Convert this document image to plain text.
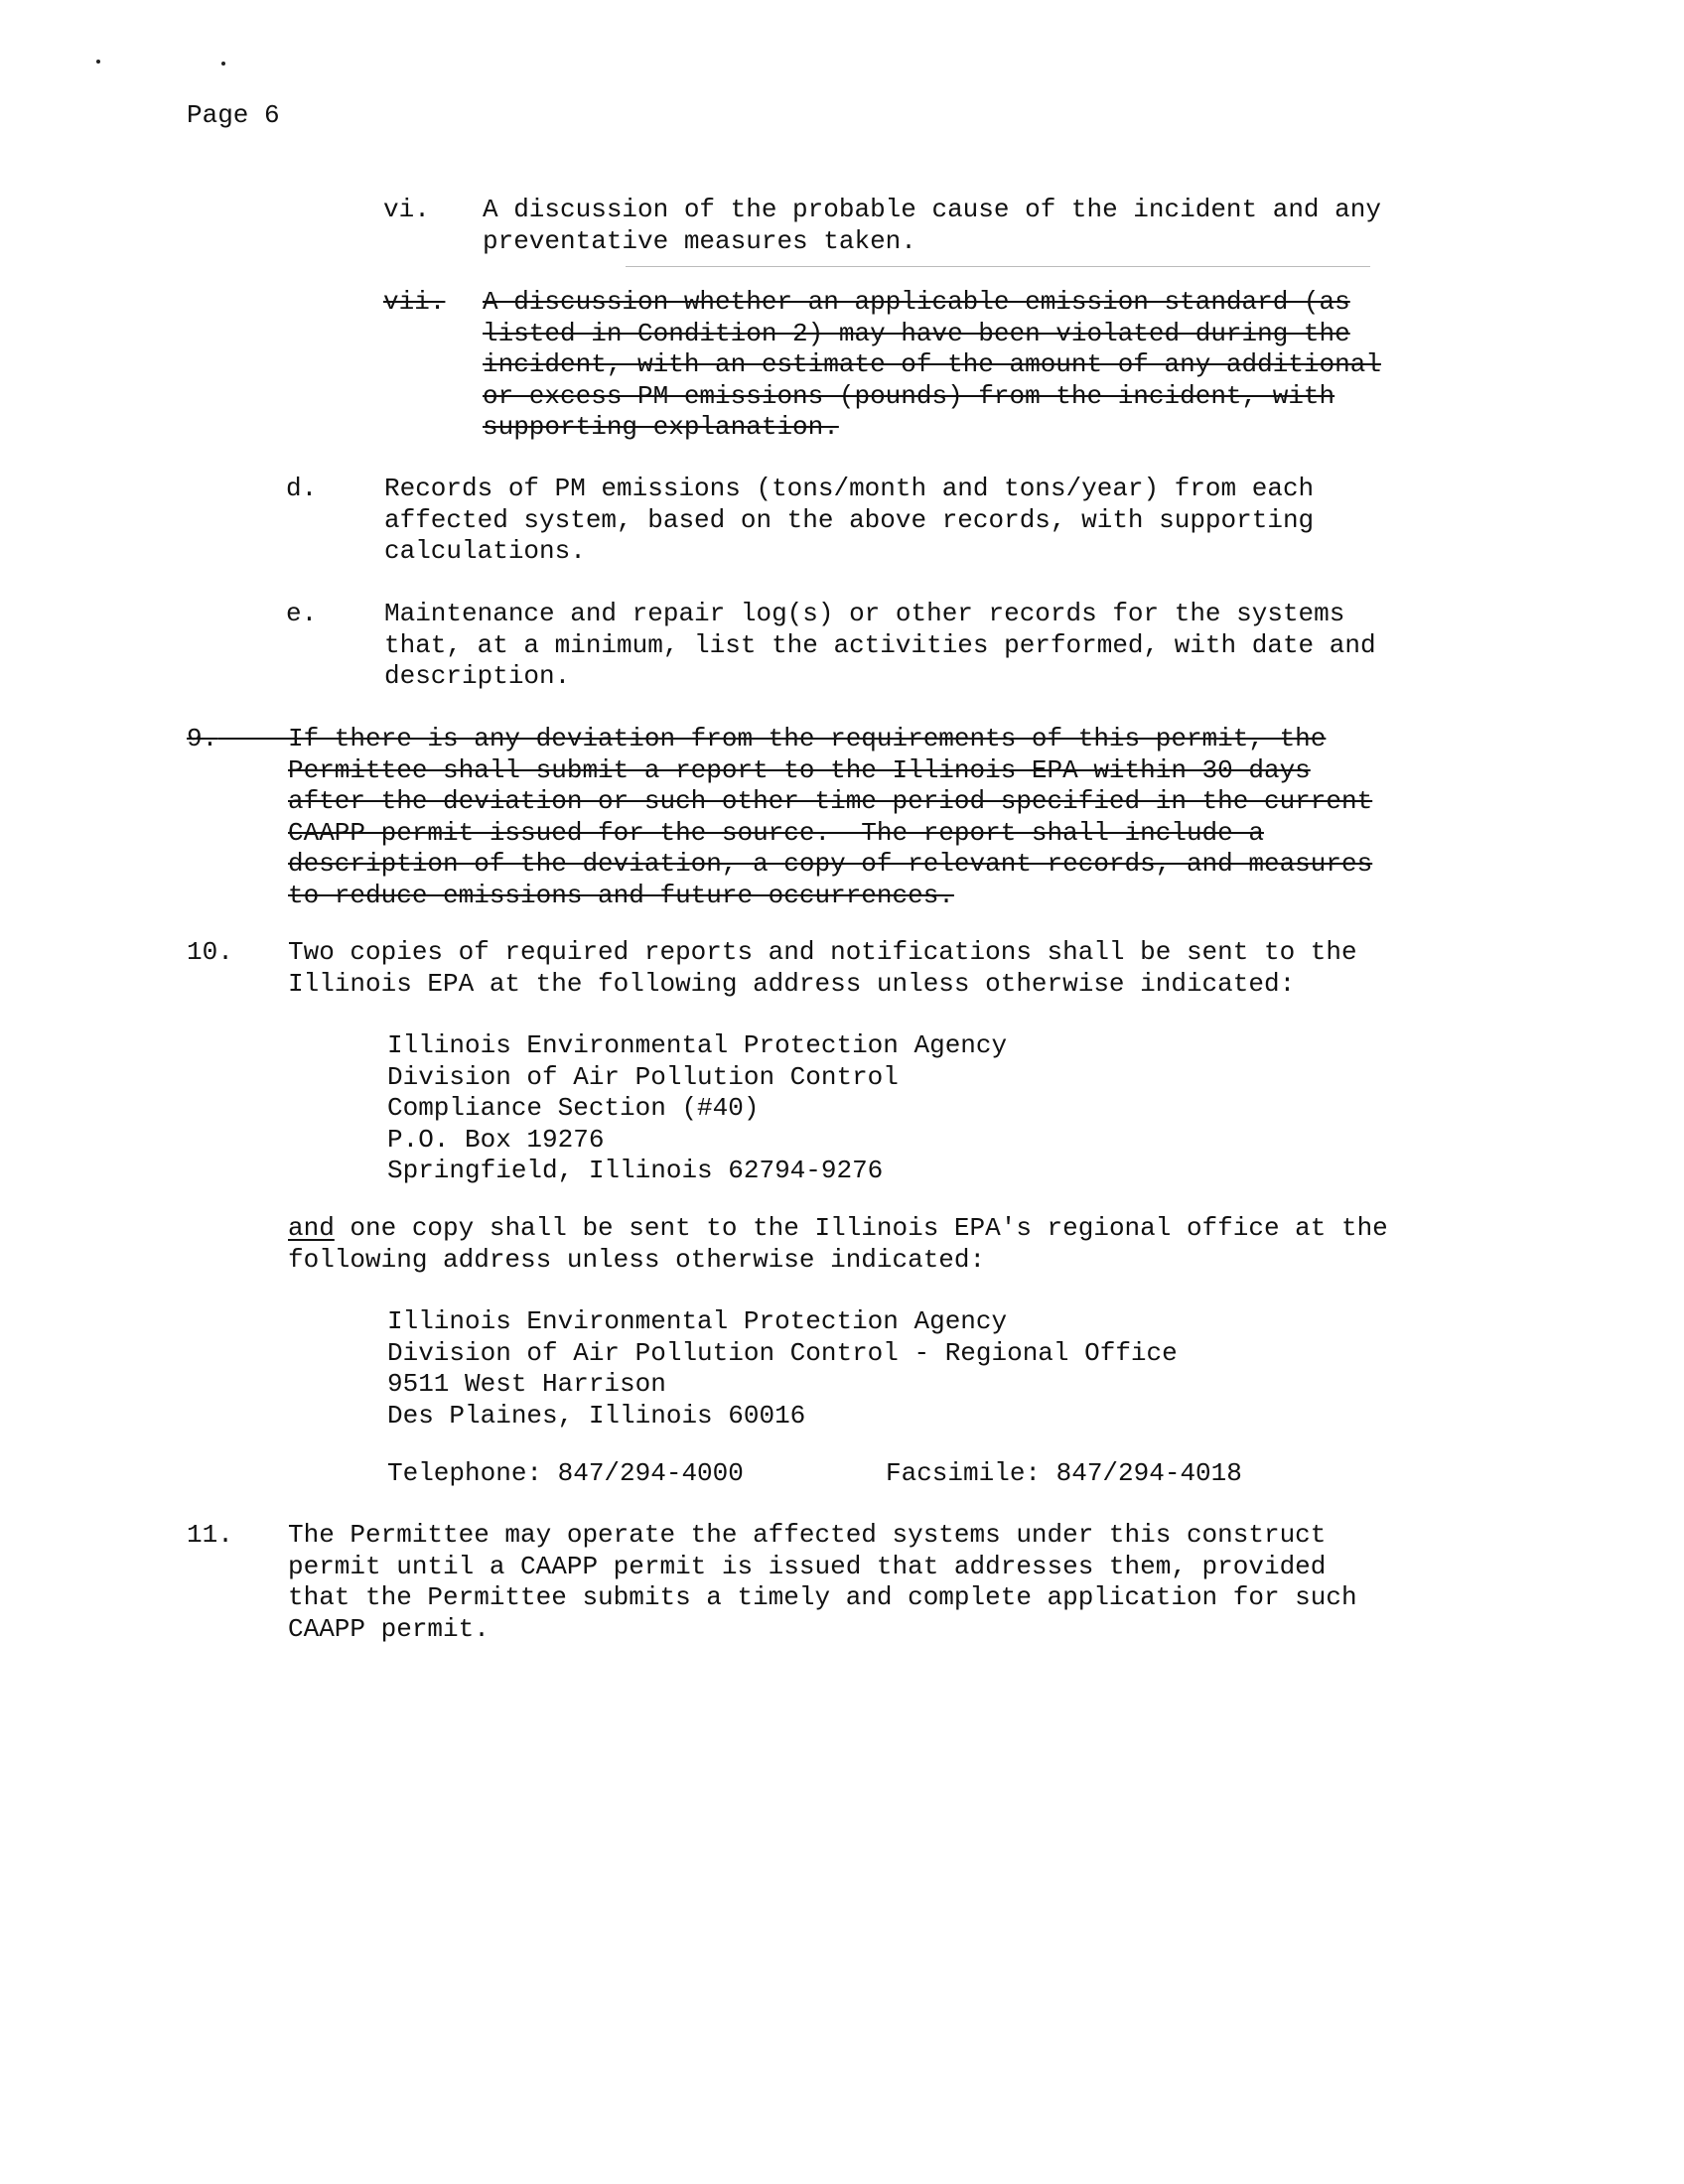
Page 6
vi. A discussion of the probable cause of the incident and any
preventative measures taken.
vii. A discussion whether an applicable emission standard (as
listed in Condition 2) may have been violated during the
incident, with an estimate of the amount of any additional
or excess PM emissions (pounds) from the incident, with
supporting explanation.
d.	Records of PM emissions (tons/month and tons/year) from each
affected system, based on the above records, with supporting
calculations.
e.	Maintenance and repair log(s) or other records for the systems
that, at a minimum, list the activities performed, with date and
description.
9.	If there is any deviation from the requirements of this permit, the
Permittee shall submit a report to the Illinois EPA within 30 days
after the deviation or such other time period specified in the current
CAAPP permit issued for the source.  The report shall include a
description of the deviation, a copy of relevant records, and measures
to reduce emissions and future occurrences.
10. Two copies of required reports and notifications shall be sent to the
Illinois EPA at the following address unless otherwise indicated:
Illinois Environmental Protection Agency
Division of Air Pollution Control
Compliance Section (#40)
P.O. Box 19276
Springfield, Illinois 62794-9276
and one copy shall be sent to the Illinois EPA's regional office at the
following address unless otherwise indicated:
Illinois Environmental Protection Agency
Division of Air Pollution Control - Regional Office
9511 West Harrison
Des Plaines, Illinois 60016
Telephone: 847/294-4000	Facsimile: 847/294-4018
11. The Permittee may operate the affected systems under this construct
permit until a CAAPP permit is issued that addresses them, provided
that the Permittee submits a timely and complete application for such
CAAPP permit.
